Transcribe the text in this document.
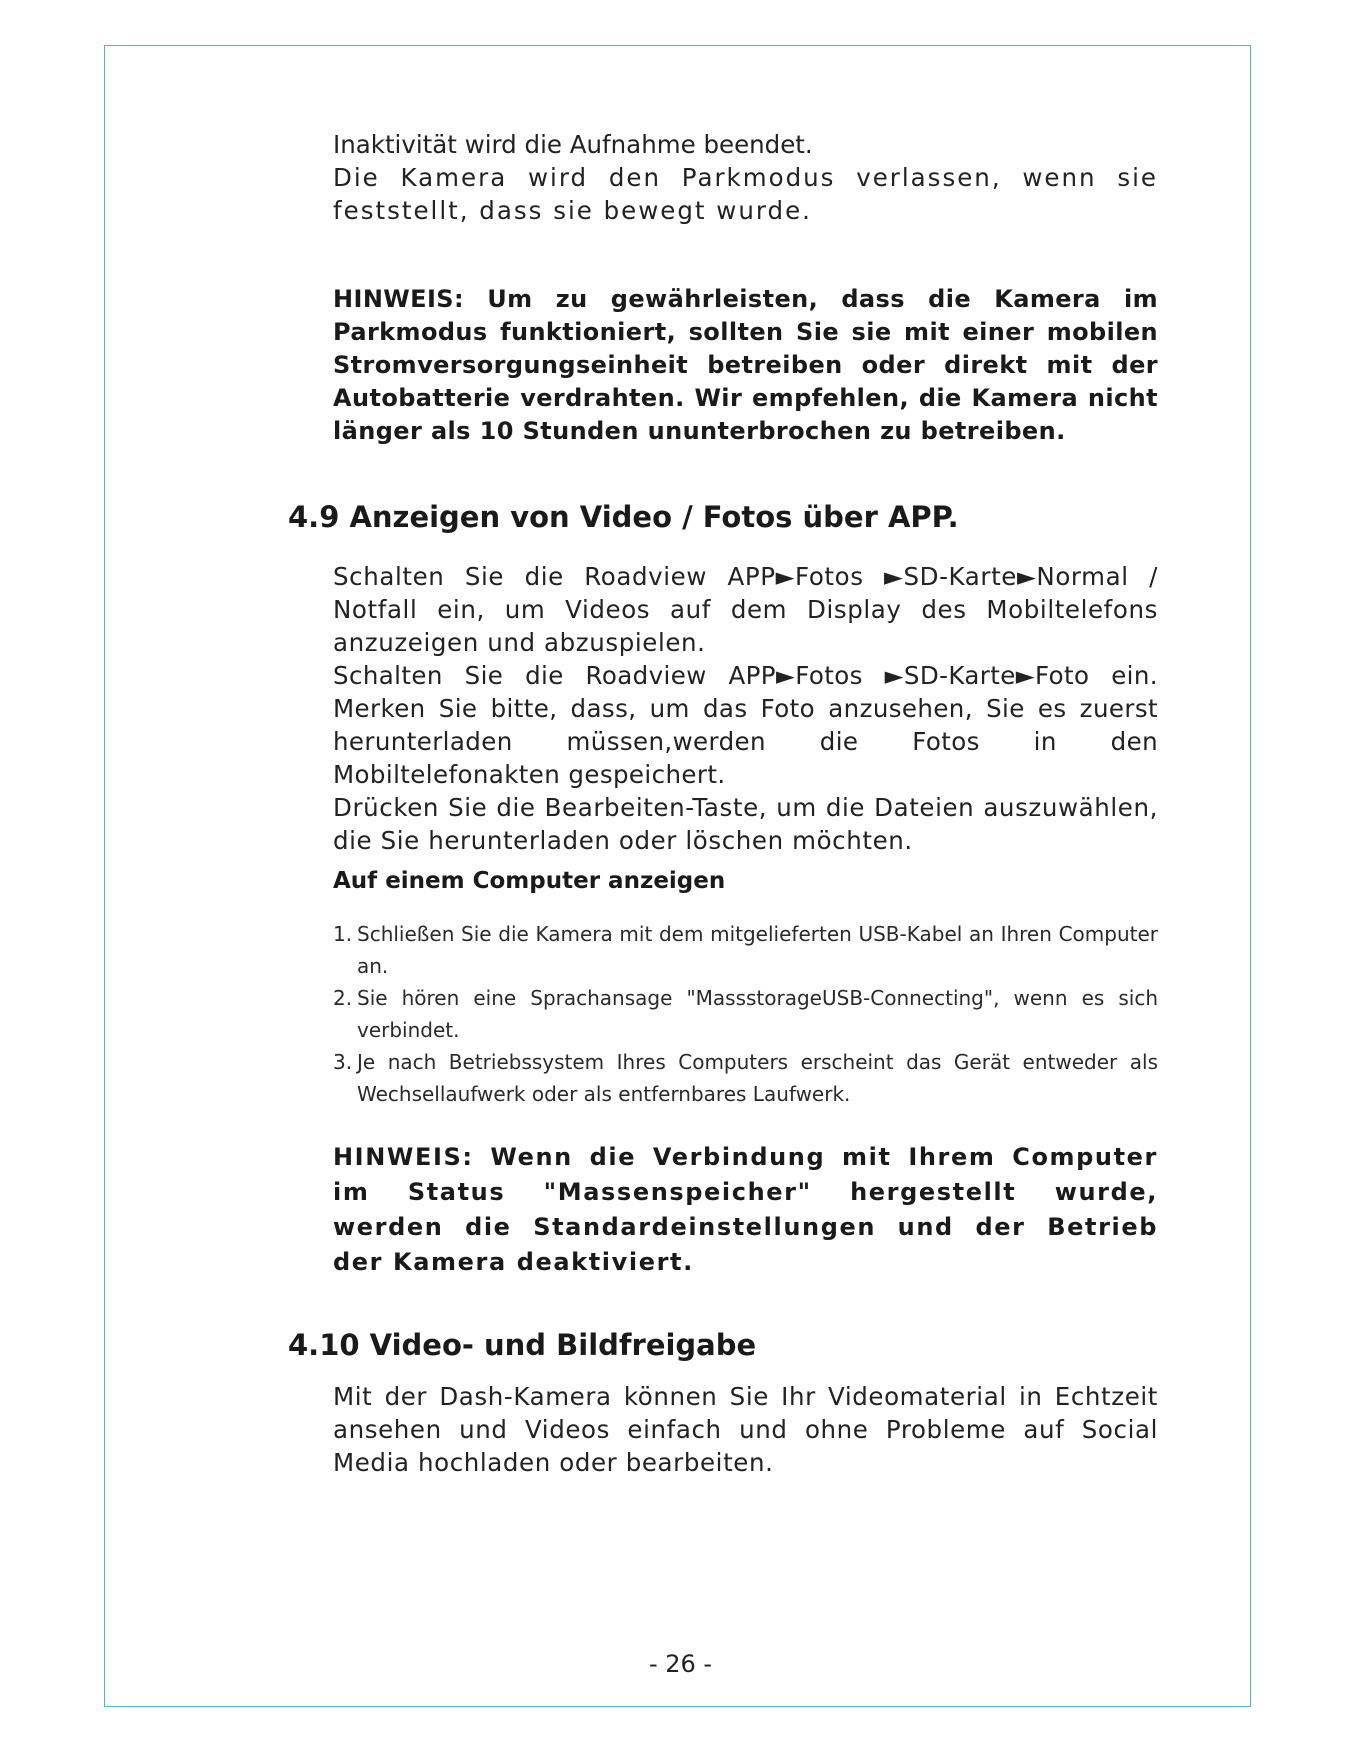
Inaktivität wird die Aufnahme beendet.

Die Kamera wird den Parkmodus verlassen, wenn sie feststellt, dass sie bewegt wurde.

HINWEIS: Um zu gewährleisten, dass die Kamera im Parkmodus funktioniert, sollten Sie sie mit einer mobilen Stromversorgungseinheit betreiben oder direkt mit der Autobatterie verdrahten. Wir empfehlen, die Kamera nicht länger als 10 Stunden ununterbrochen zu betreiben.

4.9 Anzeigen von Video / Fotos über APP.

Schalten Sie die Roadview APP►Fotos ►SD-Karte►Normal / Notfall ein, um Videos auf dem Display des Mobiltelefons anzuzeigen und abzuspielen.

Schalten Sie die Roadview APP►Fotos ►SD-Karte►Foto ein. Merken Sie bitte, dass, um das Foto anzusehen, Sie es zuerst herunterladen müssen,werden die Fotos in den Mobiltelefonakten gespeichert.

Drücken Sie die Bearbeiten-Taste, um die Dateien auszuwählen, die Sie herunterladen oder löschen möchten.

Auf einem Computer anzeigen
1. Schließen Sie die Kamera mit dem mitgelieferten USB-Kabel an Ihren Computer an.
2. Sie hören eine Sprachansage "MassstorageUSB-Connecting", wenn es sich verbindet.
3. Je nach Betriebssystem Ihres Computers erscheint das Gerät entweder als Wechsellaufwerk oder als entfernbares Laufwerk.

HINWEIS: Wenn die Verbindung mit Ihrem Computer im Status "Massenspeicher" hergestellt wurde, werden die Standardeinstellungen und der Betrieb der Kamera deaktiviert.

4.10 Video- und Bildfreigabe

Mit der Dash-Kamera können Sie Ihr Videomaterial in Echtzeit ansehen und Videos einfach und ohne Probleme auf Social Media hochladen oder bearbeiten.

- 26 -
